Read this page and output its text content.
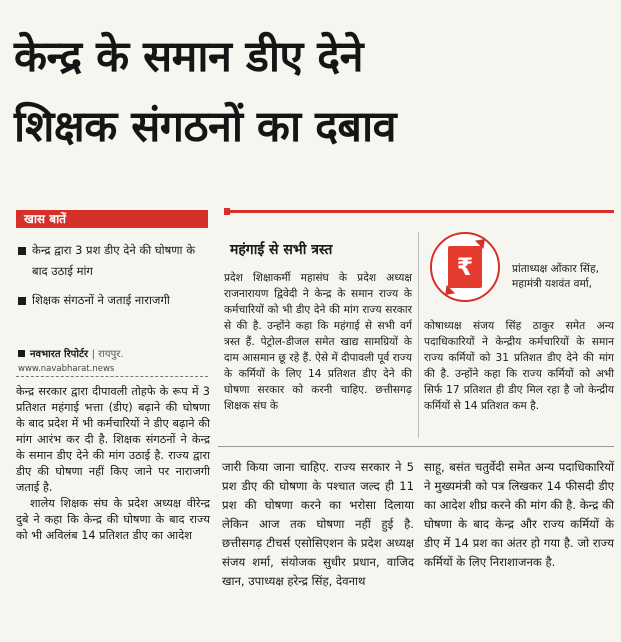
केन्द्र के समान डीए देने
शिक्षक संगठनों का दबाव
खास बातें
केन्द्र द्वारा 3 प्रश डीए देने की घोषणा के बाद उठाई मांग
शिक्षक संगठनों ने जताई नाराजगी
नवभारत रिपोर्टर | रायपुर.
www.navabharat.news

केन्द्र सरकार द्वारा दीपावली तोहफे के रूप में 3 प्रतिशत महंगाई भत्ता (डीए) बढ़ाने की घोषणा के बाद प्रदेश में भी कर्मचारियों ने डीए बढ़ाने की मांग आरंभ कर दी है. शिक्षक संगठनों ने केन्द्र के समान डीए देने की मांग उठाई है. राज्य द्वारा डीए की घोषणा नहीं किए जाने पर नाराजगी जताई है.

शालेय शिक्षक संघ के प्रदेश अध्यक्ष वीरेन्द्र दुबे ने कहा कि केन्द्र की घोषणा के बाद राज्य को भी अविलंब 14 प्रतिशत डीए का आदेश

महंगाई से सभी त्रस्त
प्रदेश शिक्षाकर्मी महासंघ के प्रदेश अध्यक्ष राजनारायण द्विवेदी ने केन्द्र के समान राज्य के कर्मचारियों को भी डीए देने की मांग राज्य सरकार से की है. उन्होंने कहा कि महंगाई से सभी वर्ग त्रस्त हैं. पेट्रोल-डीजल समेत खाद्य सामग्रियों के दाम आसमान छू रहे हैं. ऐसे में दीपावली पूर्व राज्य के कर्मियों के लिए 14 प्रतिशत डीए देने की घोषणा सरकार को करनी चाहिए. छत्तीसगढ़ शिक्षक संघ के
₹	प्रांताध्यक्ष ओंकार सिंह, महामंत्री यशवंत वर्मा,
कोषाध्यक्ष संजय सिंह ठाकुर समेत अन्य पदाधिकारियों ने केन्द्रीय कर्मचारियों के समान राज्य कर्मियों को 31 प्रतिशत डीए देने की मांग की है. उन्होंने कहा कि राज्य कर्मियों को अभी सिर्फ 17 प्रतिशत ही डीए मिल रहा है जो केन्द्रीय कर्मियों से 14 प्रतिशत कम है.
जारी किया जाना चाहिए. राज्य सरकार ने 5 प्रश डीए की घोषणा के पश्चात जल्द ही 11 प्रश की घोषणा करने का भरोसा दिलाया लेकिन आज तक घोषणा नहीं हुई है. छत्तीसगढ़ टीचर्स एसोसिएशन के प्रदेश अध्यक्ष संजय शर्मा, संयोजक सुधीर प्रधान, वाजिद खान, उपाध्यक्ष हरेन्द्र सिंह, देवनाथ
साहू, बसंत चतुर्वेदी समेत अन्य पदाधिकारियों ने मुख्यमंत्री को पत्र लिखकर 14 फीसदी डीए का आदेश शीघ्र करने की मांग की है. केन्द्र की घोषणा के बाद केन्द्र और राज्य कर्मियों के डीए में 14 प्रश का अंतर हो गया है. जो राज्य कर्मियों के लिए निराशाजनक है.
